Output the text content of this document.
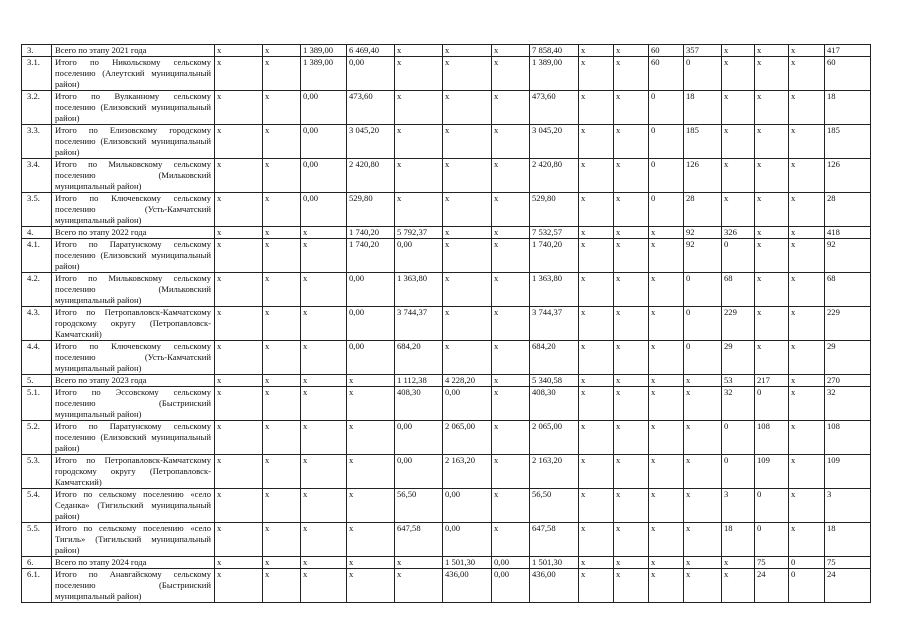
3.	Всего по этапу 2021 года	х	х	1 389,00	6 469,40	х	х	х	7 858,40	х	х	60	357	х	х	х	417
3.1.	Итого по Никольскому сельскому поселению (Алеутский муниципальный район)	х	х	1 389,00	0,00	х	х	х	1 389,00	х	х	60	0	х	х	х	60
3.2.	Итого по Вулканному сельскому поселению (Елизовский муниципальный район)	х	х	0,00	473,60	х	х	х	473,60	х	х	0	18	х	х	х	18
3.3.	Итого по Елизовскому городскому поселению (Елизовский муниципальный район)	х	х	0,00	3 045,20	х	х	х	3 045,20	х	х	0	185	х	х	х	185
3.4.	Итого по Мильковскому сельскому поселению (Мильковский муниципальный район)	х	х	0,00	2 420,80	х	х	х	2 420,80	х	х	0	126	х	х	х	126
3.5.	Итого по Ключевскому сельскому поселению (Усть-Камчатский муниципальный район)	х	х	0,00	529,80	х	х	х	529,80	х	х	0	28	х	х	х	28
4.	Всего по этапу 2022 года	х	х	х	1 740,20	5 792,37	х	х	7 532,57	х	х	х	92	326	х	х	418
4.1.	Итого по Паратунскому сельскому поселению (Елизовский муниципальный район)	х	х	х	1 740,20	0,00	х	х	1 740,20	х	х	х	92	0	х	х	92
4.2.	Итого по Мильковскому сельскому поселению (Мильковский муниципальный район)	х	х	х	0,00	1 363,80	х	х	1 363,80	х	х	х	0	68	х	х	68
4.3.	Итого по Петропавловск-Камчатскому городскому округу (Петропавловск-Камчатский)	х	х	х	0,00	3 744,37	х	х	3 744,37	х	х	х	0	229	х	х	229
4.4.	Итого по Ключевскому сельскому поселению (Усть-Камчатский муниципальный район)	х	х	х	0,00	684,20	х	х	684,20	х	х	х	0	29	х	х	29
5.	Всего по этапу 2023 года	х	х	х	х	1 112,38	4 228,20	х	5 340,58	х	х	х	х	53	217	х	270
5.1.	Итого по Эссовскому сельскому поселению (Быстринский муниципальный район)	х	х	х	х	408,30	0,00	х	408,30	х	х	х	х	32	0	х	32
5.2.	Итого по Паратунскому сельскому поселению (Елизовский муниципальный район)	х	х	х	х	0,00	2 065,00	х	2 065,00	х	х	х	х	0	108	х	108
5.3.	Итого по Петропавловск-Камчатскому городскому округу (Петропавловск-Камчатский)	х	х	х	х	0,00	2 163,20	х	2 163,20	х	х	х	х	0	109	х	109
5.4.	Итого по сельскому поселению «село Седанка» (Тигильский муниципальный район)	х	х	х	х	56,50	0,00	х	56,50	х	х	х	х	3	0	х	3
5.5.	Итого по сельскому поселению «село Тигиль» (Тигильский муниципальный район)	х	х	х	х	647,58	0,00	х	647,58	х	х	х	х	18	0	х	18
6.	Всего по этапу 2024 года	х	х	х	х	х	1 501,30	0,00	1 501,30	х	х	х	х	х	75	0	75
6.1.	Итого по Анавгайскому сельскому поселению (Быстринский муниципальный район)	х	х	х	х	х	436,00	0,00	436,00	х	х	х	х	х	24	0	24
